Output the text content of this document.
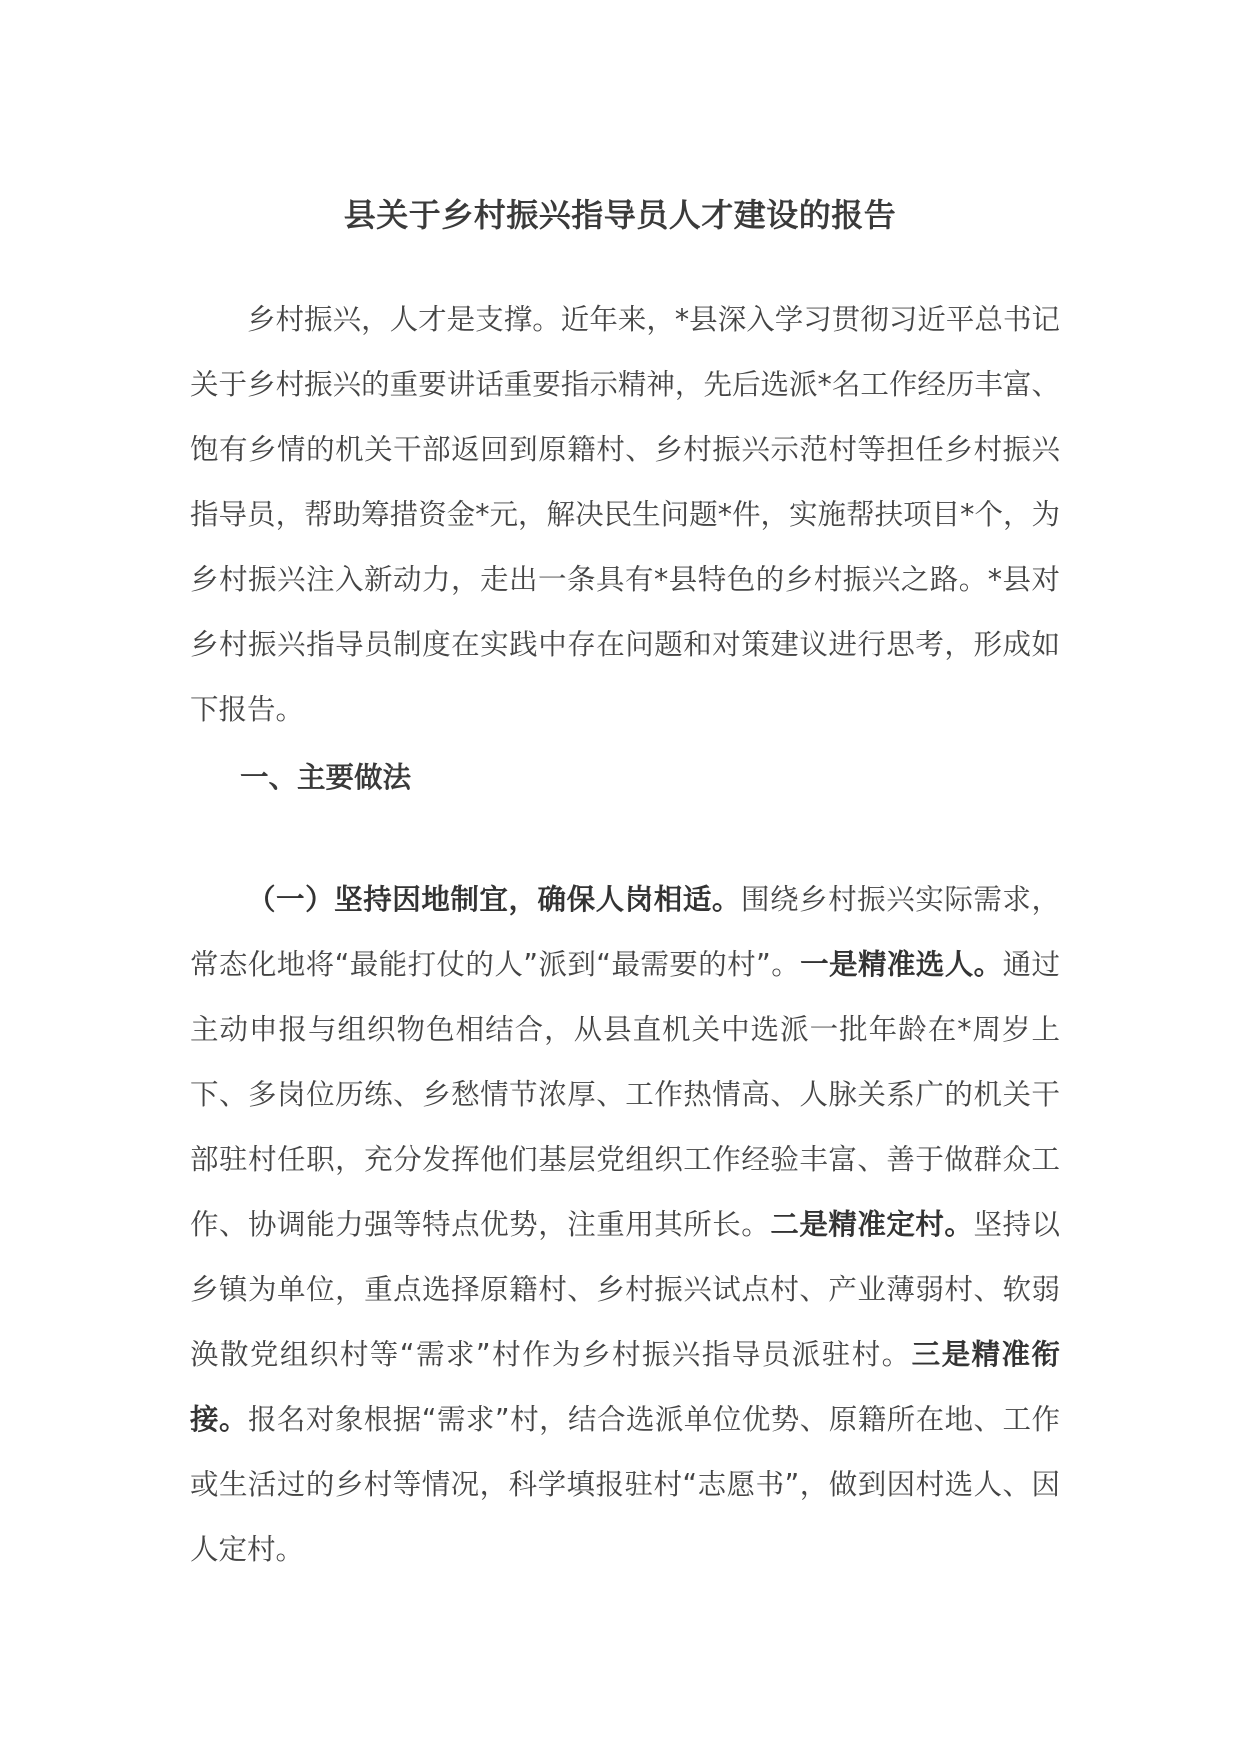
县关于乡村振兴指导员人才建设的报告

乡村振兴，人才是支撑。近年来，*县深入学习贯彻习近平总书记关于乡村振兴的重要讲话重要指示精神，先后选派*名工作经历丰富、饱有乡情的机关干部返回到原籍村、乡村振兴示范村等担任乡村振兴指导员，帮助筹措资金*元，解决民生问题*件，实施帮扶项目*个，为乡村振兴注入新动力，走出一条具有*县特色的乡村振兴之路。*县对乡村振兴指导员制度在实践中存在问题和对策建议进行思考，形成如下报告。

一、主要做法

（一）坚持因地制宜，确保人岗相适。围绕乡村振兴实际需求，常态化地将“最能打仗的人”派到“最需要的村”。一是精准选人。通过主动申报与组织物色相结合，从县直机关中选派一批年龄在*周岁上下、多岗位历练、乡愁情节浓厚、工作热情高、人脉关系广的机关干部驻村任职，充分发挥他们基层党组织工作经验丰富、善于做群众工作、协调能力强等特点优势，注重用其所长。二是精准定村。坚持以乡镇为单位，重点选择原籍村、乡村振兴试点村、产业薄弱村、软弱涣散党组织村等“需求”村作为乡村振兴指导员派驻村。三是精准衔接。报名对象根据“需求”村，结合选派单位优势、原籍所在地、工作或生活过的乡村等情况，科学填报驻村“志愿书”，做到因村选人、因人定村。
